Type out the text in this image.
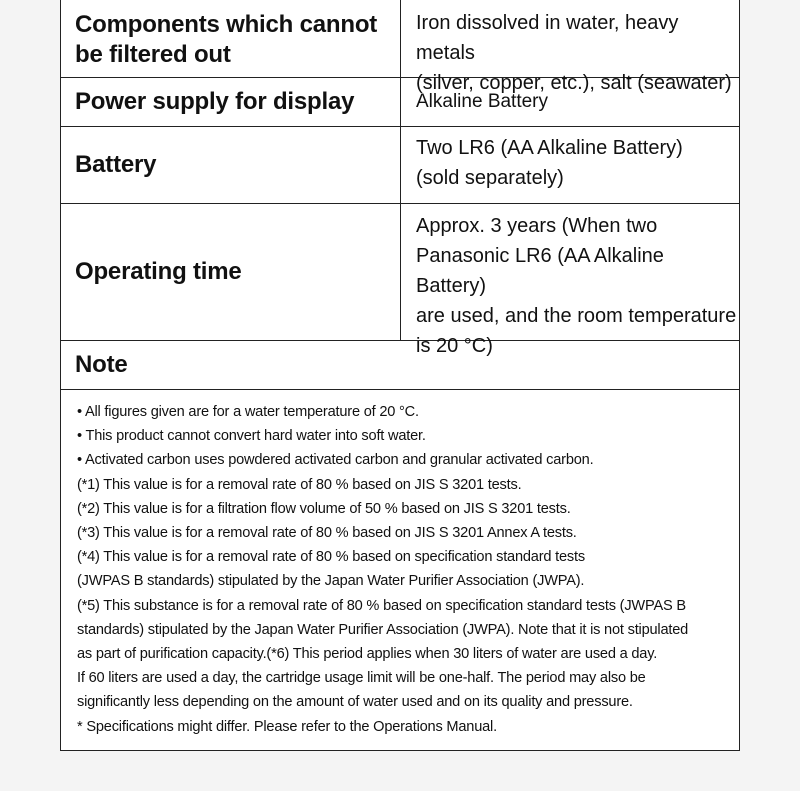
Components which cannot
be filtered out
Iron dissolved in water, heavy metals
(silver, copper, etc.), salt (seawater)
Power supply for display	Alkaline Battery
Battery
Two LR6 (AA Alkaline Battery)
(sold separately)
Operating time
Approx. 3 years (When two
Panasonic LR6 (AA Alkaline Battery)
are used, and the room temperature
is 20 °C)
Note
• All figures given are for a water temperature of 20 °C.
• This product cannot convert hard water into soft water.
• Activated carbon uses powdered activated carbon and granular activated carbon.
(*1) This value is for a removal rate of 80 % based on JIS S 3201 tests.
(*2) This value is for a filtration flow volume of 50 % based on JIS S 3201 tests.
(*3) This value is for a removal rate of 80 % based on JIS S 3201 Annex A tests.
(*4) This value is for a removal rate of 80 % based on specification standard tests
(JWPAS B standards) stipulated by the Japan Water Purifier Association (JWPA).
(*5) This substance is for a removal rate of 80 % based on specification standard tests (JWPAS B
standards) stipulated by the Japan Water Purifier Association (JWPA). Note that it is not stipulated
as part of purification capacity.(*6) This period applies when 30 liters of water are used a day.
If 60 liters are used a day, the cartridge usage limit will be one-half. The period may also be
significantly less depending on the amount of water used and on its quality and pressure.
* Specifications might differ. Please refer to the Operations Manual.
